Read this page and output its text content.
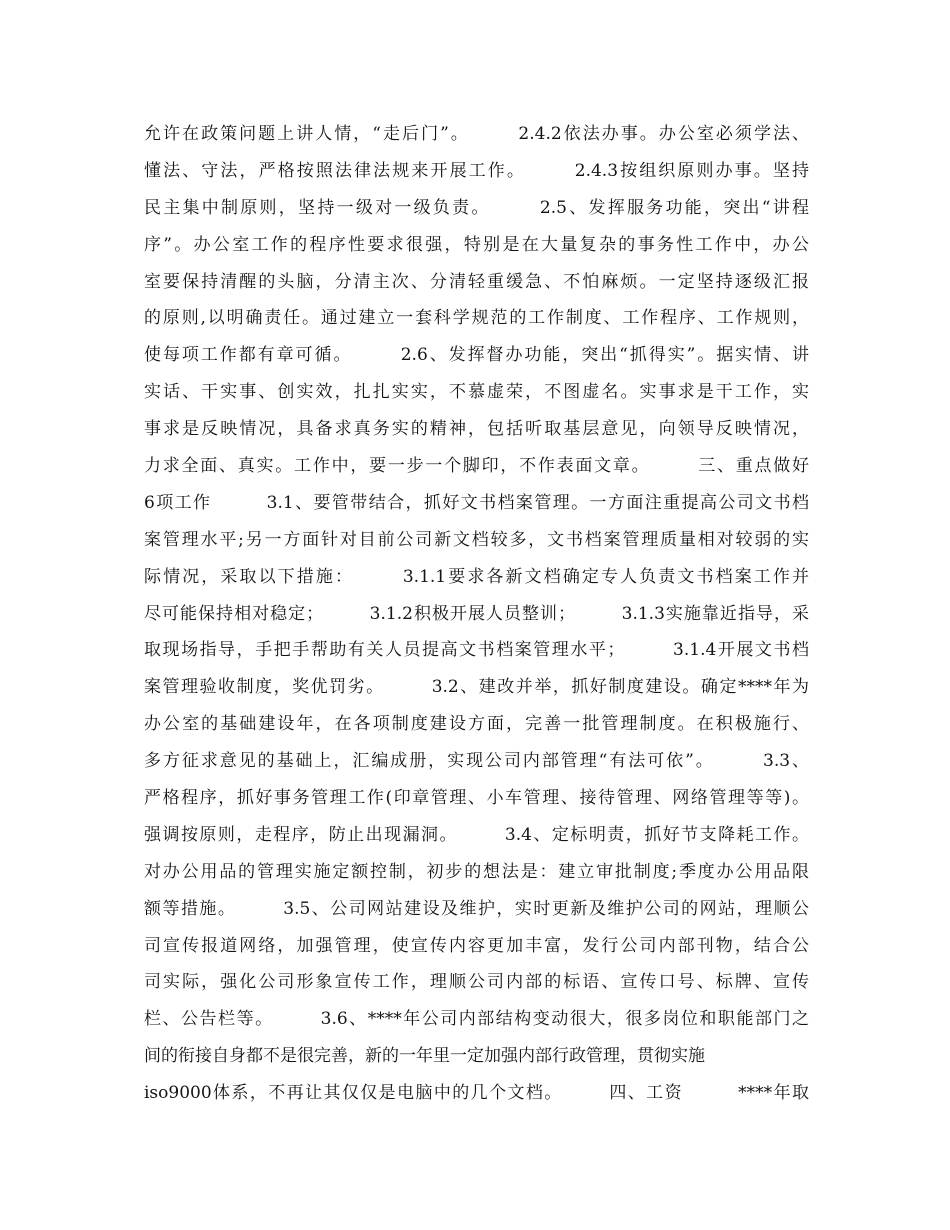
允许在政策问题上讲人情，“走后门”。　　　2.4.2依法办事。办公室必须学法、
懂法、守法，严格按照法律法规来开展工作。　　　2.4.3按组织原则办事。坚持
民主集中制原则，坚持一级对一级负责。　　　2.5、发挥服务功能，突出“讲程
序”。办公室工作的程序性要求很强，特别是在大量复杂的事务性工作中，办公
室要保持清醒的头脑，分清主次、分清轻重缓急、不怕麻烦。一定坚持逐级汇报
的原则,以明确责任。通过建立一套科学规范的工作制度、工作程序、工作规则，
使每项工作都有章可循。　　　2.6、发挥督办功能，突出“抓得实”。据实情、讲
实话、干实事、创实效，扎扎实实，不慕虚荣，不图虚名。实事求是干工作，实
事求是反映情况，具备求真务实的精神，包括听取基层意见，向领导反映情况，
力求全面、真实。工作中，要一步一个脚印，不作表面文章。　　　三、重点做好
6项工作　　　3.1、要管带结合，抓好文书档案管理。一方面注重提高公司文书档
案管理水平;另一方面针对目前公司新文档较多，文书档案管理质量相对较弱的实
际情况，采取以下措施：　　　3.1.1要求各新文档确定专人负责文书档案工作并
尽可能保持相对稳定；　　　3.1.2积极开展人员整训；　　　3.1.3实施靠近指导，采
取现场指导，手把手帮助有关人员提高文书档案管理水平；　　　3.1.4开展文书档
案管理验收制度，奖优罚劣。　　　3.2、建改并举，抓好制度建设。确定****年为
办公室的基础建设年，在各项制度建设方面，完善一批管理制度。在积极施行、
多方征求意见的基础上，汇编成册，实现公司内部管理“有法可依”。　　　3.3、
严格程序，抓好事务管理工作(印章管理、小车管理、接待管理、网络管理等等)。
强调按原则，走程序，防止出现漏洞。　　　3.4、定标明责，抓好节支降耗工作。
对办公用品的管理实施定额控制，初步的想法是：建立审批制度;季度办公用品限
额等措施。　　　3.5、公司网站建设及维护，实时更新及维护公司的网站，理顺公
司宣传报道网络，加强管理，使宣传内容更加丰富，发行公司内部刊物，结合公
司实际，强化公司形象宣传工作，理顺公司内部的标语、宣传口号、标牌、宣传
栏、公告栏等。　　　3.6、****年公司内部结构变动很大，很多岗位和职能部门之
间的衔接自身都不是很完善，新的一年里一定加强内部行政管理，贯彻实施
iso9000体系，不再让其仅仅是电脑中的几个文档。　　　四、工资　　　****年取
